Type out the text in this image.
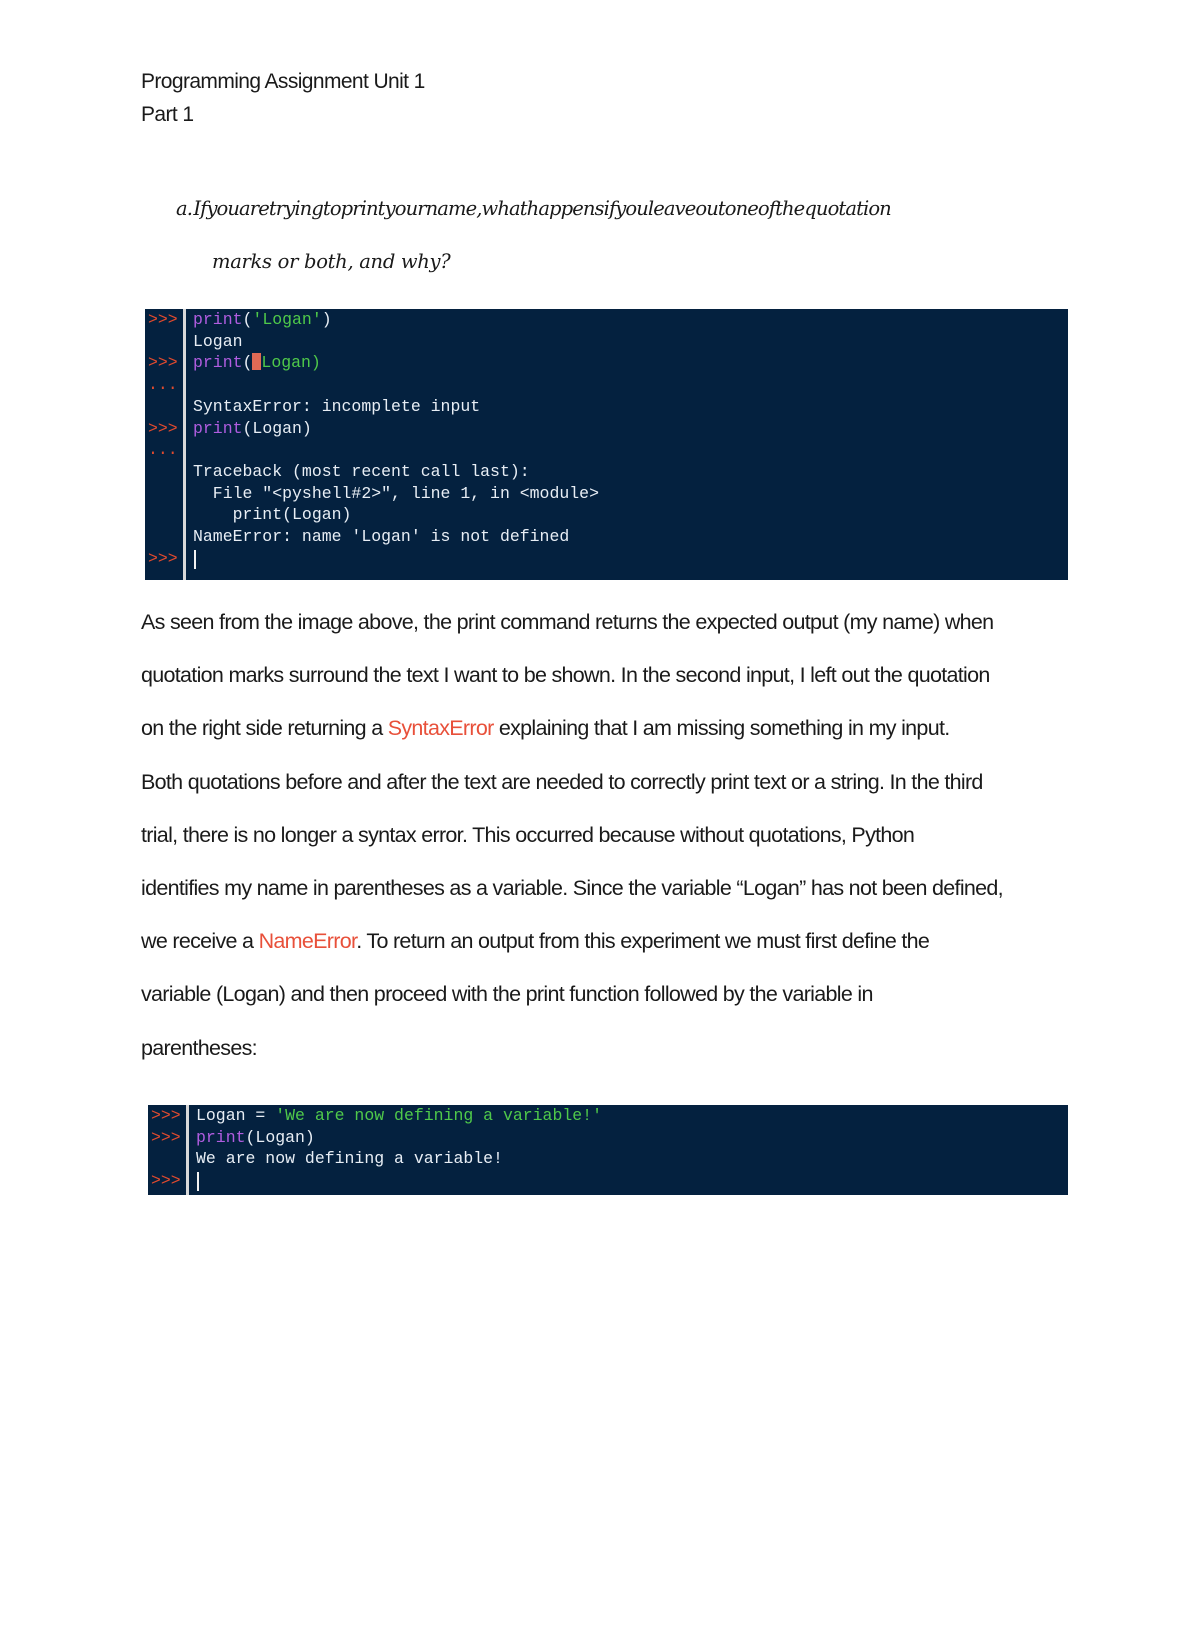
Programming Assignment Unit 1
Part 1
a. Ifyouaretryingtoprintyourname,whathappensifyouleaveoutoneofthequotation
marks or both, and why?
>>> print('Logan')
Logan
>>> print( Logan)
...
SyntaxError: incomplete input
>>> print(Logan)
...
Traceback (most recent call last):
File "<pyshell#2>", line 1, in <module>
print(Logan)
NameError: name 'Logan' is not defined
>>>
As seen from the image above, the print command returns the expected output (my name) when
quotation marks surround the text I want to be shown. In the second input, I left out the quotation
on the right side returning a SyntaxError explaining that I am missing something in my input.
Both quotations before and after the text are needed to correctly print text or a string. In the third
trial, there is no longer a syntax error. This occurred because without quotations, Python
identifies my name in parentheses as a variable. Since the variable “Logan” has not been defined,
we receive a NameError. To return an output from this experiment we must first define the
variable (Logan) and then proceed with the print function followed by the variable in
parentheses:
>>> Logan = 'We are now defining a variable!'
>>> print(Logan)
We are now defining a variable!
>>>
